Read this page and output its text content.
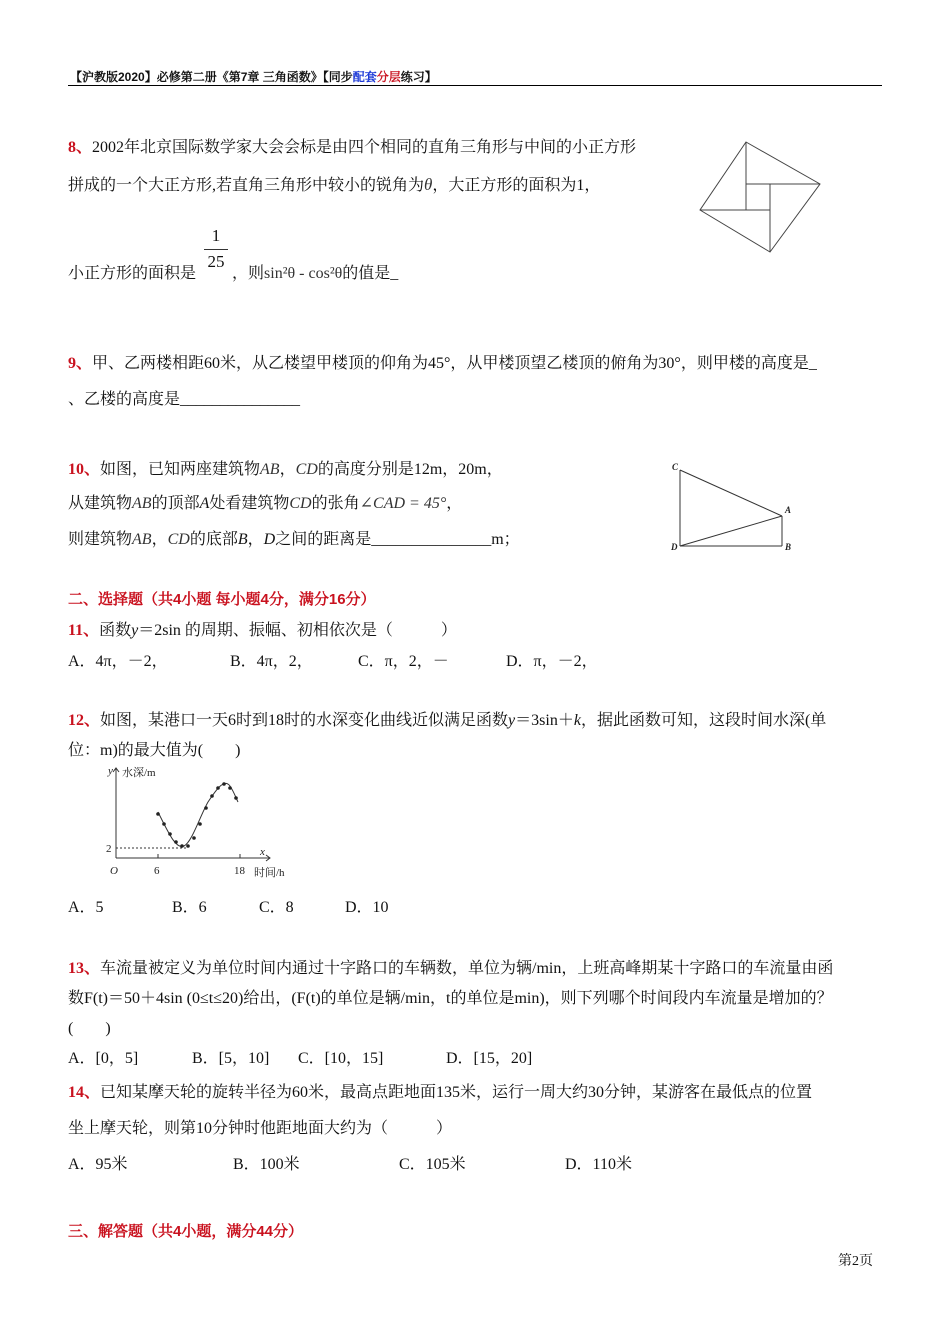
【沪教版2020】必修第二册《第7章 三角函数》【同步配套分层练习】
8、2002年北京国际数学家大会会标是由四个相同的直角三角形与中间的小正方形
拼成的一个大正方形,若直角三角形中较小的锐角为θ，大正方形的面积为1，
$\frac{1}{25}$
小正方形的面积是 ，则sin²θ - cos²θ的值是_
9、甲、乙两楼相距60米，从乙楼望甲楼顶的仰角为45°，从甲楼顶望乙楼顶的俯角为30°，则甲楼的高度是_
、乙楼的高度是_______________
10、如图，已知两座建筑物AB，CD的高度分别是12m，20m，
从建筑物AB的顶部A处看建筑物CD的张角∠CAD = 45°，
则建筑物AB，CD的底部B，D之间的距离是_______________m；
C
A
D	B
二、选择题（共4小题 每小题4分，满分16分）
11、函数y＝2sin 的周期、振幅、初相依次是（　　　）
A．4π，－2，	B．4π，2，	C．π，2，－	D．π，－2，
12、如图，某港口一天6时到18时的水深变化曲线近似满足函数y＝3sin＋k，据此函数可知，这段时间水深(单
位：m)的最大值为(　　)
y 水深/m
x
时间/h
O
2
6	18
A．5	B．6	C．8	D．10
13、车流量被定义为单位时间内通过十字路口的车辆数，单位为辆/min，上班高峰期某十字路口的车流量由函
数F(t)＝50＋4sin (0≤t≤20)给出，(F(t)的单位是辆/min，t的单位是min)，则下列哪个时间段内车流量是增加的？
(　　)
A．[0，5]	B．[5，10] C．[10，15]	D．[15，20]
14、已知某摩天轮的旋转半径为60米，最高点距地面135米，运行一周大约30分钟，某游客在最低点的位置
坐上摩天轮，则第10分钟时他距地面大约为（　　　）
A．95米	B．100米	C．105米	D．110米
三、解答题（共4小题，满分44分）
第2页
